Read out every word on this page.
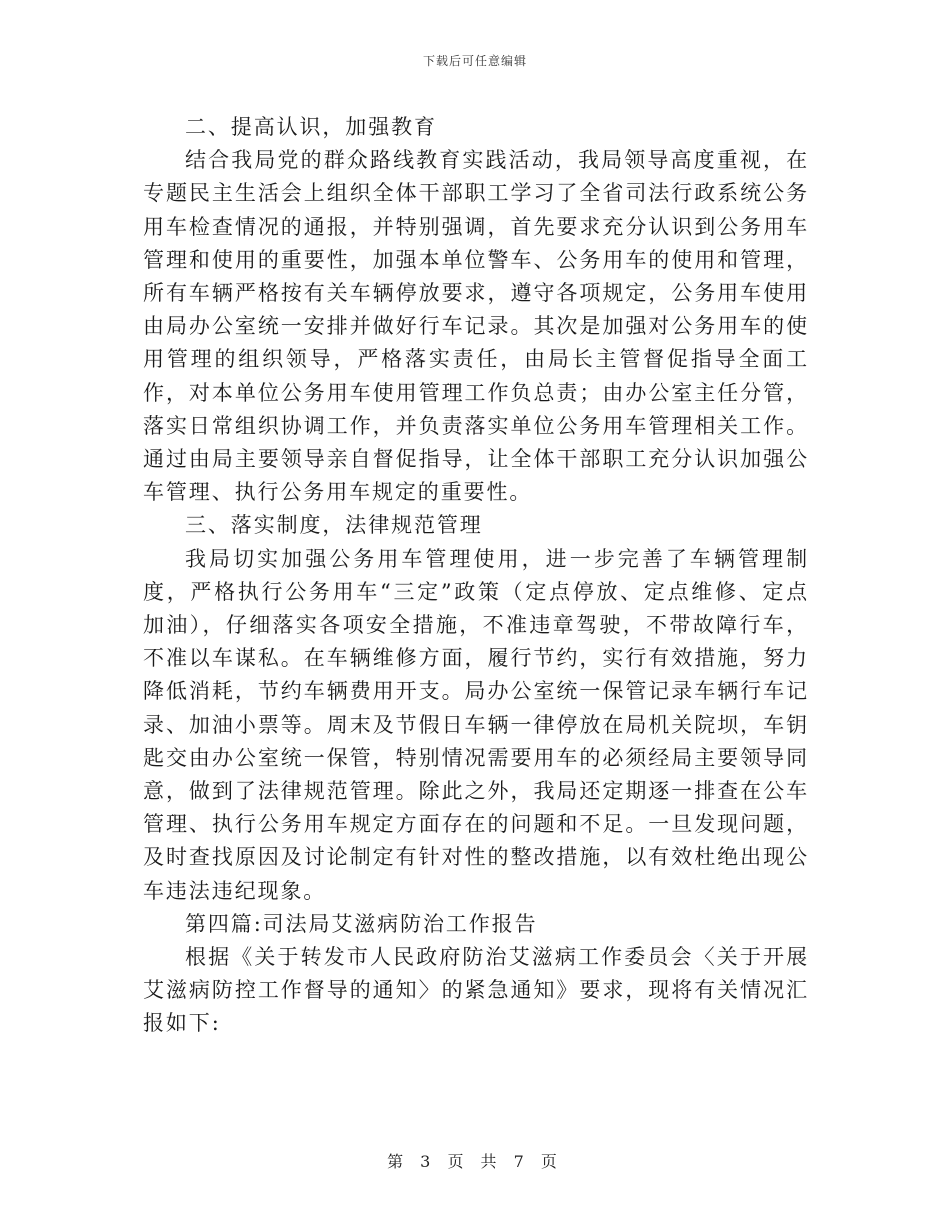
下载后可任意编辑

二、提高认识，加强教育

结合我局党的群众路线教育实践活动，我局领导高度重视，在专题民主生活会上组织全体干部职工学习了全省司法行政系统公务用车检查情况的通报，并特别强调，首先要求充分认识到公务用车管理和使用的重要性，加强本单位警车、公务用车的使用和管理，所有车辆严格按有关车辆停放要求，遵守各项规定，公务用车使用由局办公室统一安排并做好行车记录。其次是加强对公务用车的使用管理的组织领导，严格落实责任，由局长主管督促指导全面工作，对本单位公务用车使用管理工作负总责；由办公室主任分管，落实日常组织协调工作，并负责落实单位公务用车管理相关工作。通过由局主要领导亲自督促指导，让全体干部职工充分认识加强公车管理、执行公务用车规定的重要性。

三、落实制度，法律规范管理

我局切实加强公务用车管理使用，进一步完善了车辆管理制度，严格执行公务用车“三定”政策（定点停放、定点维修、定点加油），仔细落实各项安全措施，不准违章驾驶，不带故障行车，不准以车谋私。在车辆维修方面，履行节约，实行有效措施，努力降低消耗，节约车辆费用开支。局办公室统一保管记录车辆行车记录、加油小票等。周末及节假日车辆一律停放在局机关院坝，车钥匙交由办公室统一保管，特别情况需要用车的必须经局主要领导同意，做到了法律规范管理。除此之外，我局还定期逐一排查在公车管理、执行公务用车规定方面存在的问题和不足。一旦发现问题，及时查找原因及讨论制定有针对性的整改措施，以有效杜绝出现公车违法违纪现象。

第四篇:司法局艾滋病防治工作报告

根据《关于转发市人民政府防治艾滋病工作委员会〈关于开展艾滋病防控工作督导的通知〉的紧急通知》要求，现将有关情况汇报如下:

第 3 页 共 7 页
